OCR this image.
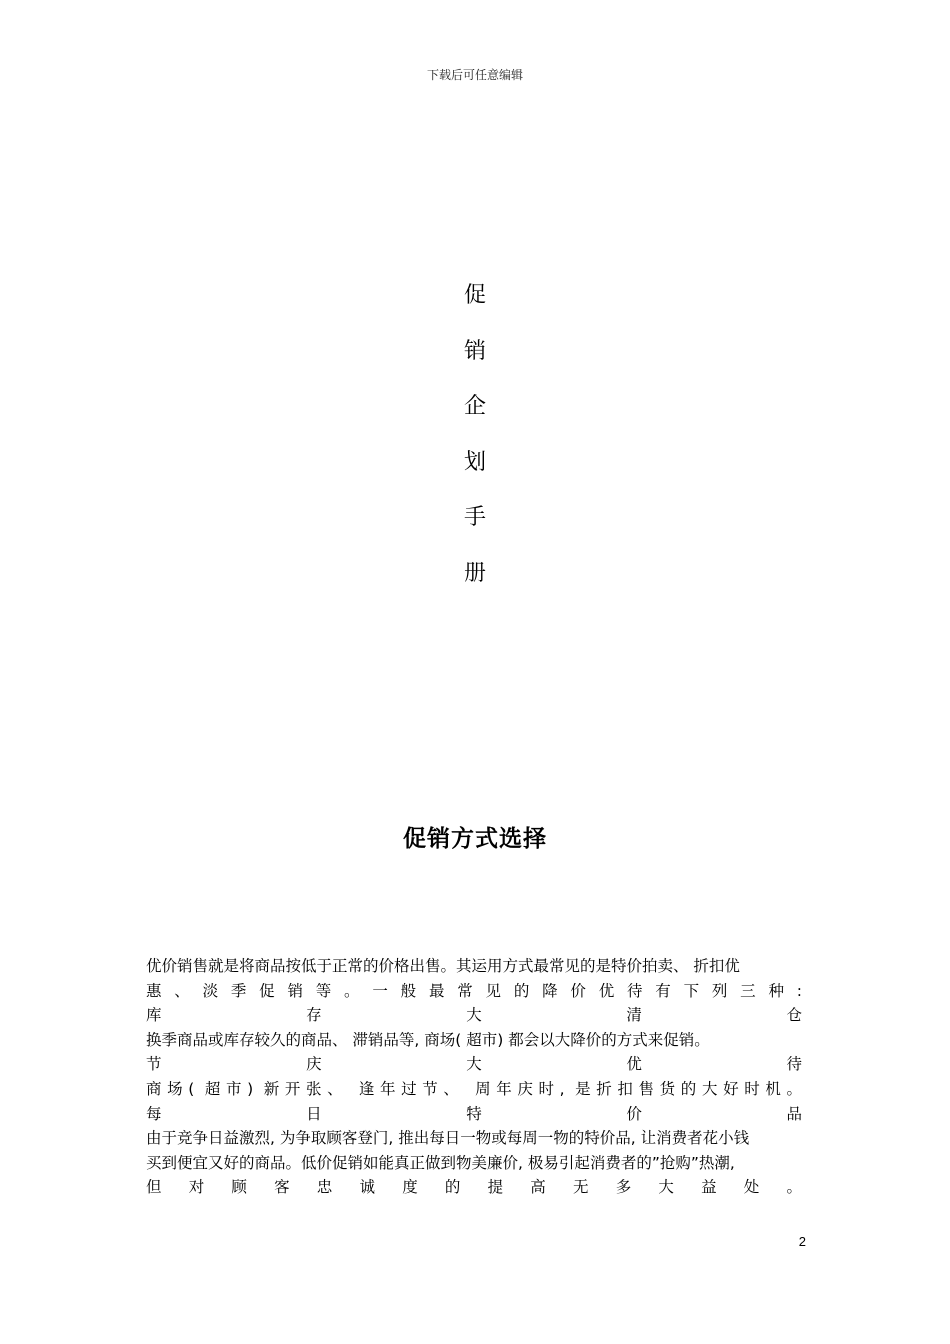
下载后可任意编辑
促
销
企
划
手
册
促销方式选择
优价销售就是将商品按低于正常的价格出售。其运用方式最常见的是特价拍卖、 折扣优
惠 、 淡 季 促 销 等 。 一 般 最 常 见 的 降 价 优 待 有 下 列 三 种 :
库 存 大 清 仓
换季商品或库存较久的商品、 滞销品等, 商场( 超市) 都会以大降价的方式来促销。
节 庆 大 优 待
商场( 超市) 新开张、 逢年过节、 周年庆时, 是折扣售货的大好时机。
每 日 特 价 品
由于竞争日益激烈, 为争取顾客登门, 推出每日一物或每周一物的特价品, 让消费者花小钱
买到便宜又好的商品。低价促销如能真正做到物美廉价, 极易引起消费者的”抢购”热潮,
但 对 顾 客 忠 诚 度 的 提 高 无 多 大 益 处 。
2
